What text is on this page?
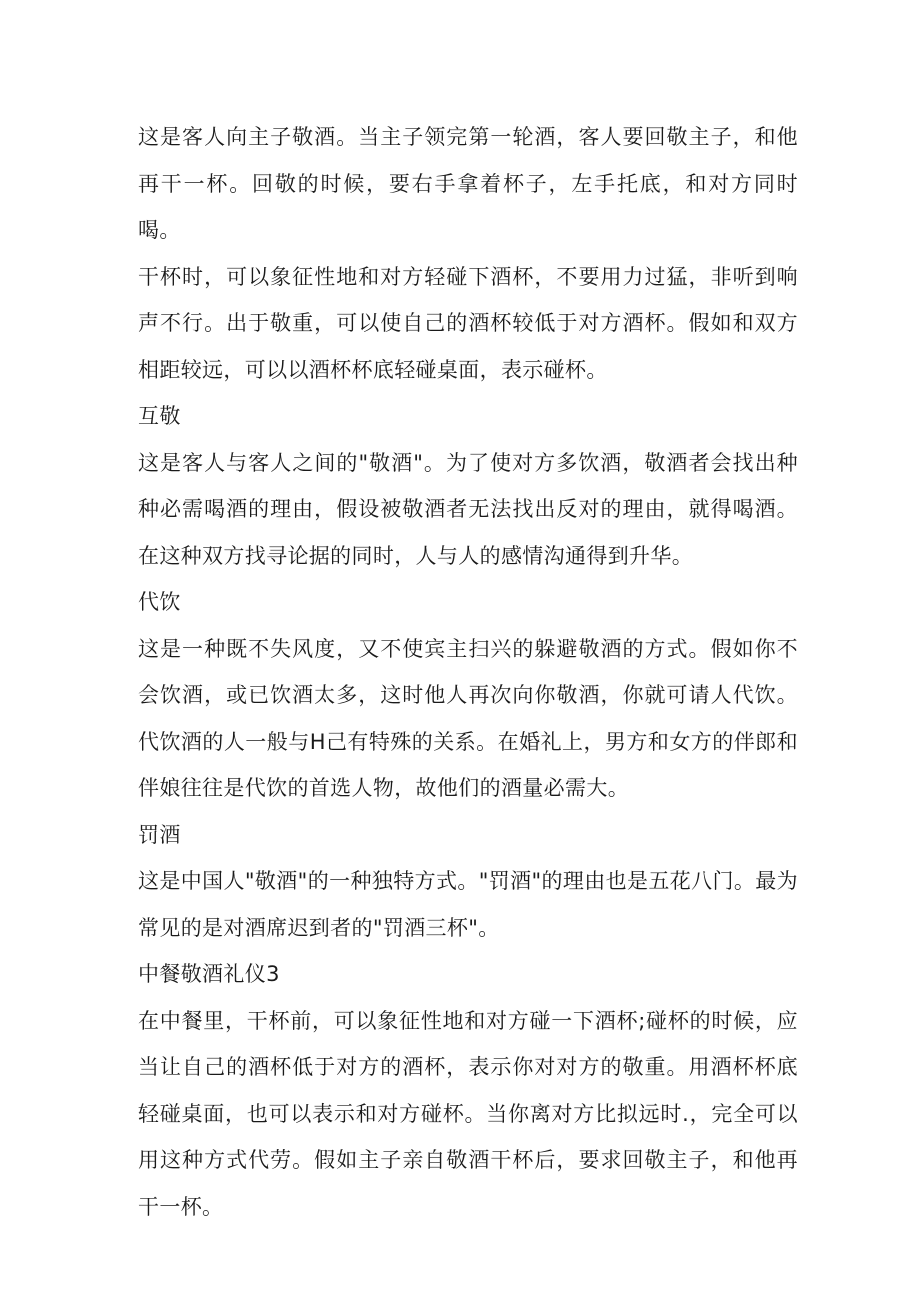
这是客人向主子敬酒。当主子领完第一轮酒，客人要回敬主子，和他再干一杯。回敬的时候，要右手拿着杯子，左手托底，和对方同时喝。

干杯时，可以象征性地和对方轻碰下酒杯，不要用力过猛，非听到响声不行。出于敬重，可以使自己的酒杯较低于对方酒杯。假如和双方相距较远，可以以酒杯杯底轻碰桌面，表示碰杯。

互敬

这是客人与客人之间的"敬酒"。为了使对方多饮酒，敬酒者会找出种种必需喝酒的理由，假设被敬酒者无法找出反对的理由，就得喝酒。在这种双方找寻论据的同时，人与人的感情沟通得到升华。

代饮

这是一种既不失风度，又不使宾主扫兴的躲避敬酒的方式。假如你不会饮酒，或已饮酒太多，这时他人再次向你敬酒，你就可请人代饮。代饮酒的人一般与H己有特殊的关系。在婚礼上，男方和女方的伴郎和伴娘往往是代饮的首选人物，故他们的酒量必需大。

罚酒

这是中国人"敬酒"的一种独特方式。"罚酒"的理由也是五花八门。最为常见的是对酒席迟到者的"罚酒三杯"。

中餐敬酒礼仪3

在中餐里，干杯前，可以象征性地和对方碰一下酒杯;碰杯的时候，应当让自己的酒杯低于对方的酒杯，表示你对对方的敬重。用酒杯杯底轻碰桌面，也可以表示和对方碰杯。当你离对方比拟远时.，完全可以用这种方式代劳。假如主子亲自敬酒干杯后，要求回敬主子，和他再干一杯。
